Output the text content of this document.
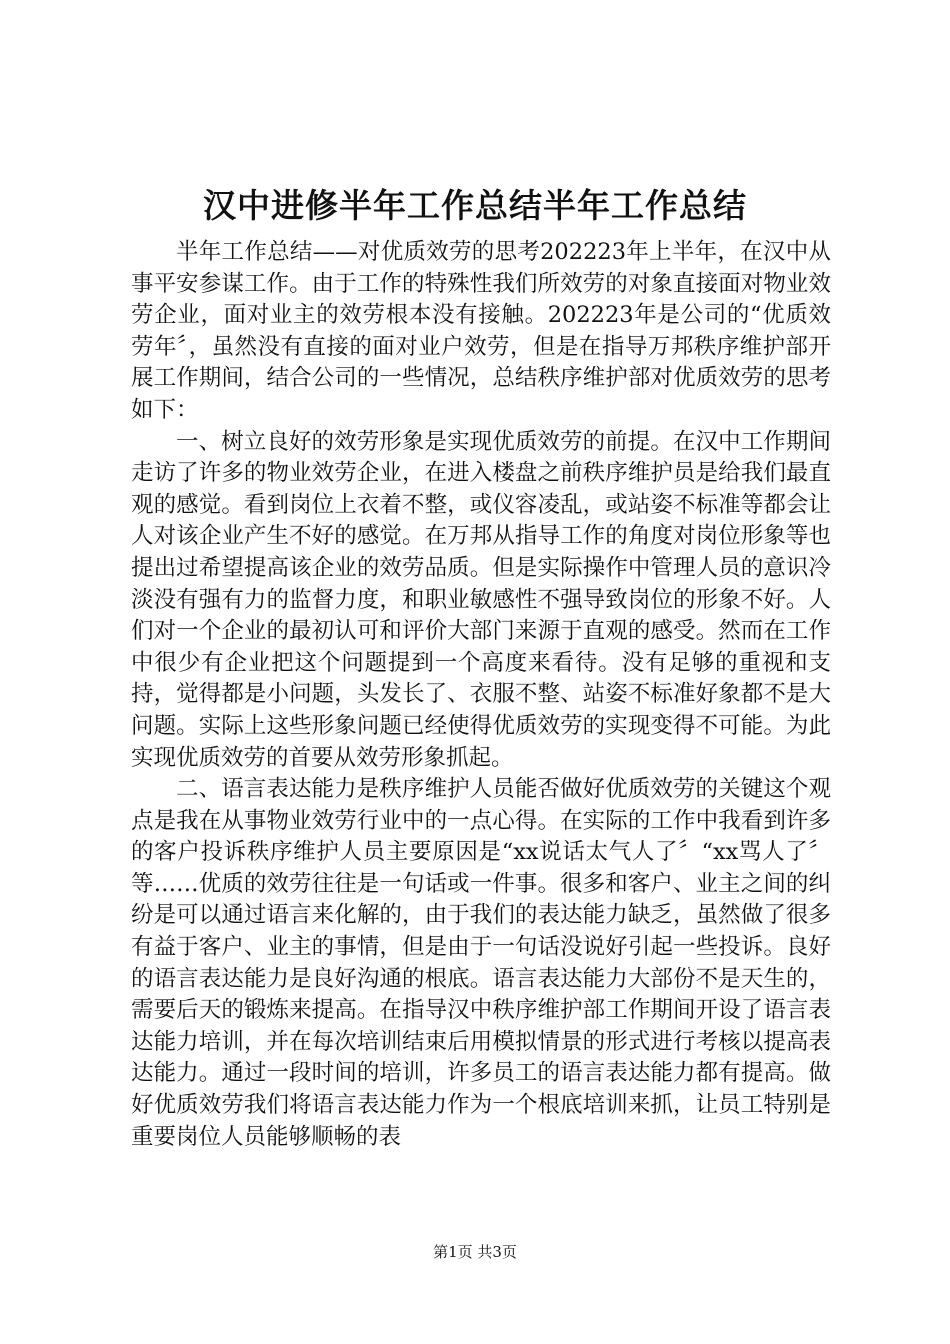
汉中进修半年工作总结半年工作总结

半年工作总结——对优质效劳的思考202223年上半年，在汉中从事平安参谋工作。由于工作的特殊性我们所效劳的对象直接面对物业效劳企业，面对业主的效劳根本没有接触。202223年是公司的“优质效劳年〞，虽然没有直接的面对业户效劳，但是在指导万邦秩序维护部开展工作期间，结合公司的一些情况，总结秩序维护部对优质效劳的思考如下：

一、树立良好的效劳形象是实现优质效劳的前提。在汉中工作期间走访了许多的物业效劳企业，在进入楼盘之前秩序维护员是给我们最直观的感觉。看到岗位上衣着不整，或仪容凌乱，或站姿不标准等都会让人对该企业产生不好的感觉。在万邦从指导工作的角度对岗位形象等也提出过希望提高该企业的效劳品质。但是实际操作中管理人员的意识冷淡没有强有力的监督力度，和职业敏感性不强导致岗位的形象不好。人们对一个企业的最初认可和评价大部门来源于直观的感受。然而在工作中很少有企业把这个问题提到一个高度来看待。没有足够的重视和支持，觉得都是小问题，头发长了、衣服不整、站姿不标准好象都不是大问题。实际上这些形象问题已经使得优质效劳的实现变得不可能。为此实现优质效劳的首要从效劳形象抓起。

二、语言表达能力是秩序维护人员能否做好优质效劳的关键这个观点是我在从事物业效劳行业中的一点心得。在实际的工作中我看到许多的客户投诉秩序维护人员主要原因是“xx说话太气人了〞“xx骂人了〞等……优质的效劳往往是一句话或一件事。很多和客户、业主之间的纠纷是可以通过语言来化解的，由于我们的表达能力缺乏，虽然做了很多有益于客户、业主的事情，但是由于一句话没说好引起一些投诉。良好的语言表达能力是良好沟通的根底。语言表达能力大部份不是天生的，需要后天的锻炼来提高。在指导汉中秩序维护部工作期间开设了语言表达能力培训，并在每次培训结束后用模拟情景的形式进行考核以提高表达能力。通过一段时间的培训，许多员工的语言表达能力都有提高。做好优质效劳我们将语言表达能力作为一个根底培训来抓，让员工特别是重要岗位人员能够顺畅的表

第1页 共3页
